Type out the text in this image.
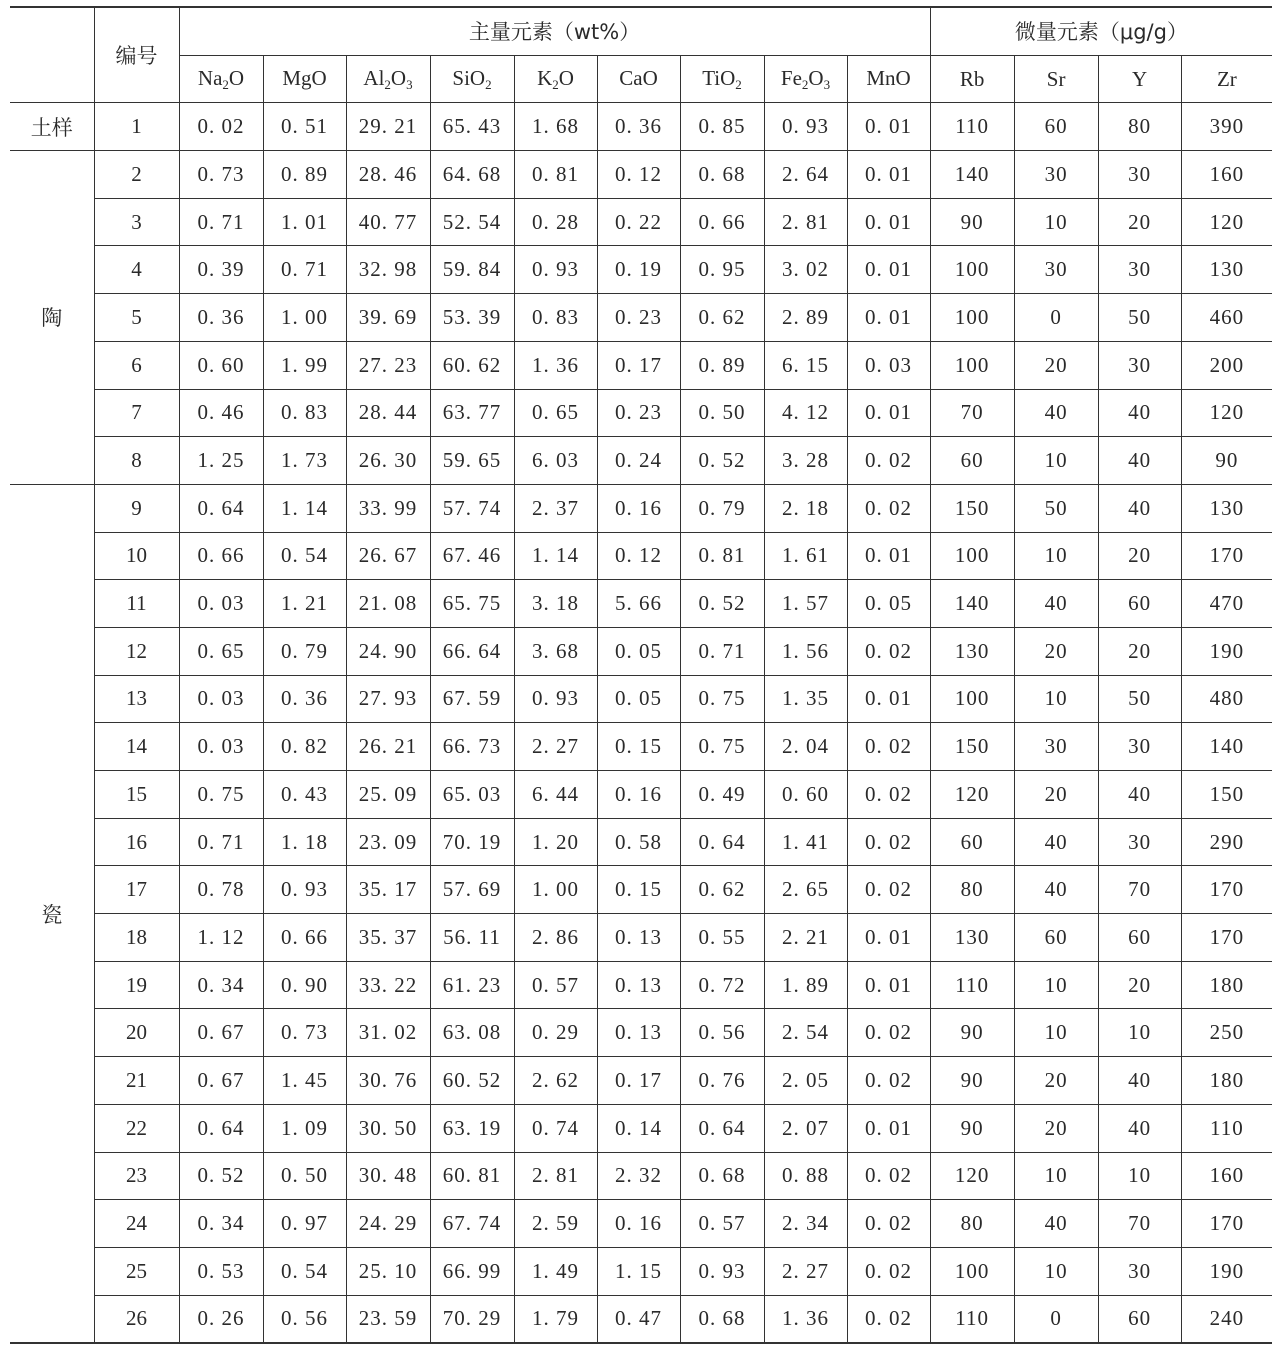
	编号	主量元素（wt%）									微量元素（μg/g）			
		$Na_2O$	MgO	$Al_2O_3$	SiO$_2$	$K_2O$	CaO	TiO$_2$	$Fe_2O_3$	MnO	Rb	Sr	Y	Zr
土样	1	0. 02	0. 51	29. 21	65. 43	1. 68	0. 36	0. 85	0. 93	0. 01	110	60	80	390
陶	2	0. 73	0. 89	28. 46	64. 68	0. 81	0. 12	0. 68	2. 64	0. 01	140	30	30	160
	3	0. 71	1. 01	40. 77	52. 54	0. 28	0. 22	0. 66	2. 81	0. 01	90	10	20	120
	4	0. 39	0. 71	32. 98	59. 84	0. 93	0. 19	0. 95	3. 02	0. 01	100	30	30	130
	5	0. 36	1. 00	39. 69	53. 39	0. 83	0. 23	0. 62	2. 89	0. 01	100	0	50	460
	6	0. 60	1. 99	27. 23	60. 62	1. 36	0. 17	0. 89	6. 15	0. 03	100	20	30	200
	7	0. 46	0. 83	28. 44	63. 77	0. 65	0. 23	0. 50	4. 12	0. 01	70	40	40	120
	8	1. 25	1. 73	26. 30	59. 65	6. 03	0. 24	0. 52	3. 28	0. 02	60	10	40	90
瓷	9	0. 64	1. 14	33. 99	57. 74	2. 37	0. 16	0. 79	2. 18	0. 02	150	50	40	130
	10	0. 66	0. 54	26. 67	67. 46	1. 14	0. 12	0. 81	1. 61	0. 01	100	10	20	170
	11	0. 03	1. 21	21. 08	65. 75	3. 18	5. 66	0. 52	1. 57	0. 05	140	40	60	470
	12	0. 65	0. 79	24. 90	66. 64	3. 68	0. 05	0. 71	1. 56	0. 02	130	20	20	190
	13	0. 03	0. 36	27. 93	67. 59	0. 93	0. 05	0. 75	1. 35	0. 01	100	10	50	480
	14	0. 03	0. 82	26. 21	66. 73	2. 27	0. 15	0. 75	2. 04	0. 02	150	30	30	140
	15	0. 75	0. 43	25. 09	65. 03	6. 44	0. 16	0. 49	0. 60	0. 02	120	20	40	150
	16	0. 71	1. 18	23. 09	70. 19	1. 20	0. 58	0. 64	1. 41	0. 02	60	40	30	290
	17	0. 78	0. 93	35. 17	57. 69	1. 00	0. 15	0. 62	2. 65	0. 02	80	40	70	170
	18	1. 12	0. 66	35. 37	56. 11	2. 86	0. 13	0. 55	2. 21	0. 01	130	60	60	170
	19	0. 34	0. 90	33. 22	61. 23	0. 57	0. 13	0. 72	1. 89	0. 01	110	10	20	180
	20	0. 67	0. 73	31. 02	63. 08	0. 29	0. 13	0. 56	2. 54	0. 02	90	10	10	250
	21	0. 67	1. 45	30. 76	60. 52	2. 62	0. 17	0. 76	2. 05	0. 02	90	20	40	180
	22	0. 64	1. 09	30. 50	63. 19	0. 74	0. 14	0. 64	2. 07	0. 01	90	20	40	110
	23	0. 52	0. 50	30. 48	60. 81	2. 81	2. 32	0. 68	0. 88	0. 02	120	10	10	160
	24	0. 34	0. 97	24. 29	67. 74	2. 59	0. 16	0. 57	2. 34	0. 02	80	40	70	170
	25	0. 53	0. 54	25. 10	66. 99	1. 49	1. 15	0. 93	2. 27	0. 02	100	10	30	190
	26	0. 26	0. 56	23. 59	70. 29	1. 79	0. 47	0. 68	1. 36	0. 02	110	0	60	240
